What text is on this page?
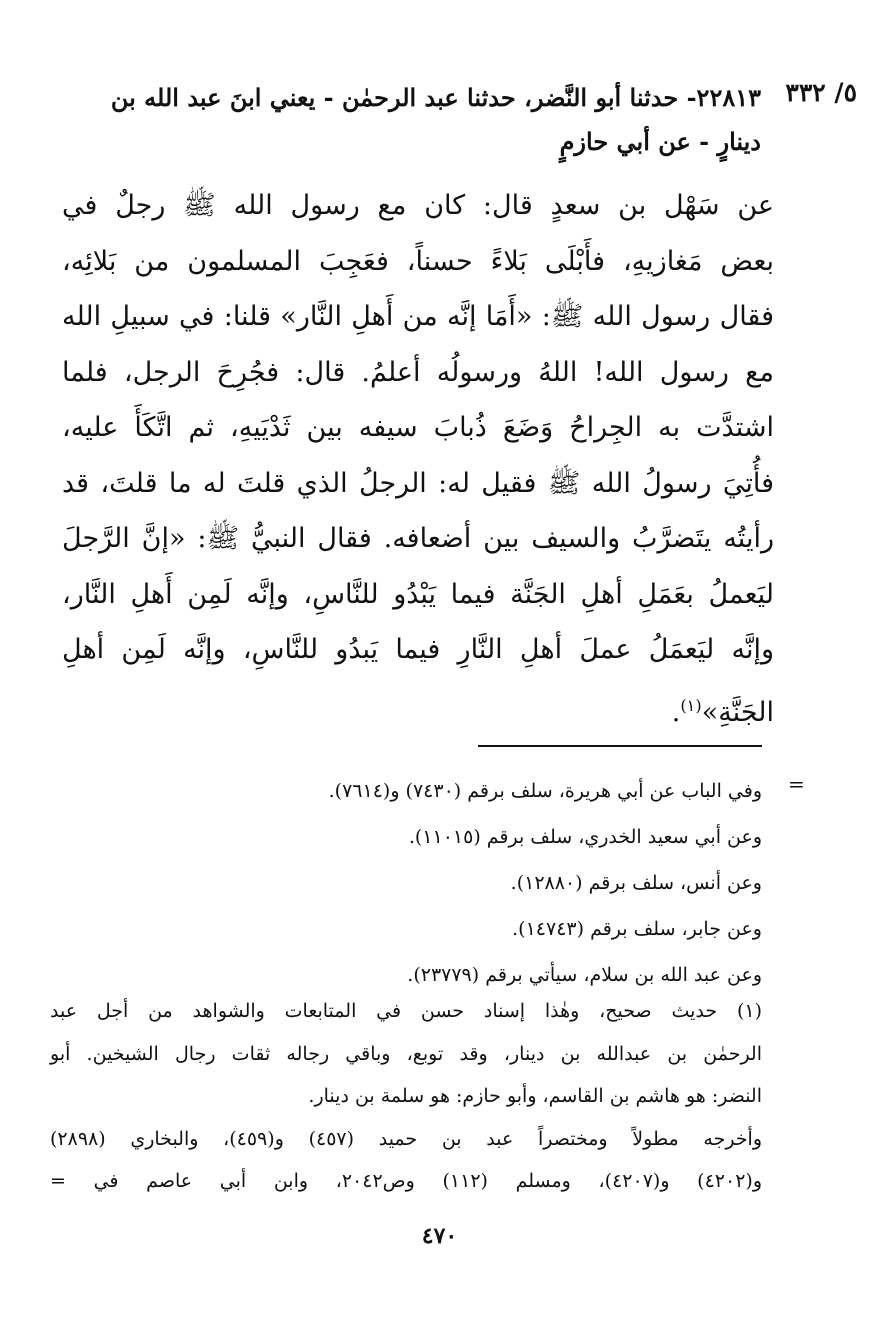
٥/ ٣٣٢
٢٢٨١٣- حدثنا أبو النَّضر، حدثنا عبد الرحمٰن - يعني ابنَ عبد الله بن
دينارٍ - عن أبي حازمٍ
عن سَهْل بن سعدٍ قال: كان مع رسول الله ﷺ رجلٌ في
بعض مَغازيهِ، فأَبْلَى بَلاءً حسناً، فعَجِبَ المسلمون من بَلائِه،
فقال رسول الله ﷺ: «أَمَا إنَّه من أَهلِ النَّار» قلنا: في سبيلِ الله
مع رسول الله! اللهُ ورسولُه أعلمُ. قال: فجُرِحَ الرجل، فلما
اشتدَّت به الجِراحُ وَضَعَ ذُبابَ سيفه بين ثَدْيَيهِ، ثم اتَّكَأَ عليه،
فأُتِيَ رسولُ الله ﷺ فقيل له: الرجلُ الذي قلتَ له ما قلتَ، قد
رأيتُه يتَضرَّبُ والسيف بين أضعافه. فقال النبيُّ ﷺ: «إنَّ الرَّجلَ
ليَعملُ بعَمَلِ أهلِ الجَنَّة فيما يَبْدُو للنَّاسِ، وإنَّه لَمِن أَهلِ النَّار،
وإنَّه ليَعمَلُ عملَ أهلِ النَّارِ فيما يَبدُو للنَّاسِ، وإنَّه لَمِن أهلِ
الجَنَّةِ»$^{(١)}$.
=
وفي الباب عن أبي هريرة، سلف برقم (٧٤٣٠) و(٧٦١٤).
وعن أبي سعيد الخدري، سلف برقم (١١٠١٥).
وعن أنس، سلف برقم (١٢٨٨٠).
وعن جابر، سلف برقم (١٤٧٤٣).
وعن عبد الله بن سلام، سيأتي برقم (٢٣٧٧٩).
(١) حديث صحيح، وهٰذا إسناد حسن في المتابعات والشواهد من أجل عبد
الرحمٰن بن عبدالله بن دينار، وقد توبع، وباقي رجاله ثقات رجال الشيخين. أبو
النضر: هو هاشم بن القاسم، وأبو حازم: هو سلمة بن دينار.
وأخرجه مطولاً ومختصراً عبد بن حميد (٤٥٧) و(٤٥٩)، والبخاري (٢٨٩٨)
و(٤٢٠٢) و(٤٢٠٧)، ومسلم (١١٢) وص٢٠٤٢، وابن أبي عاصم في =
٤٧٠
